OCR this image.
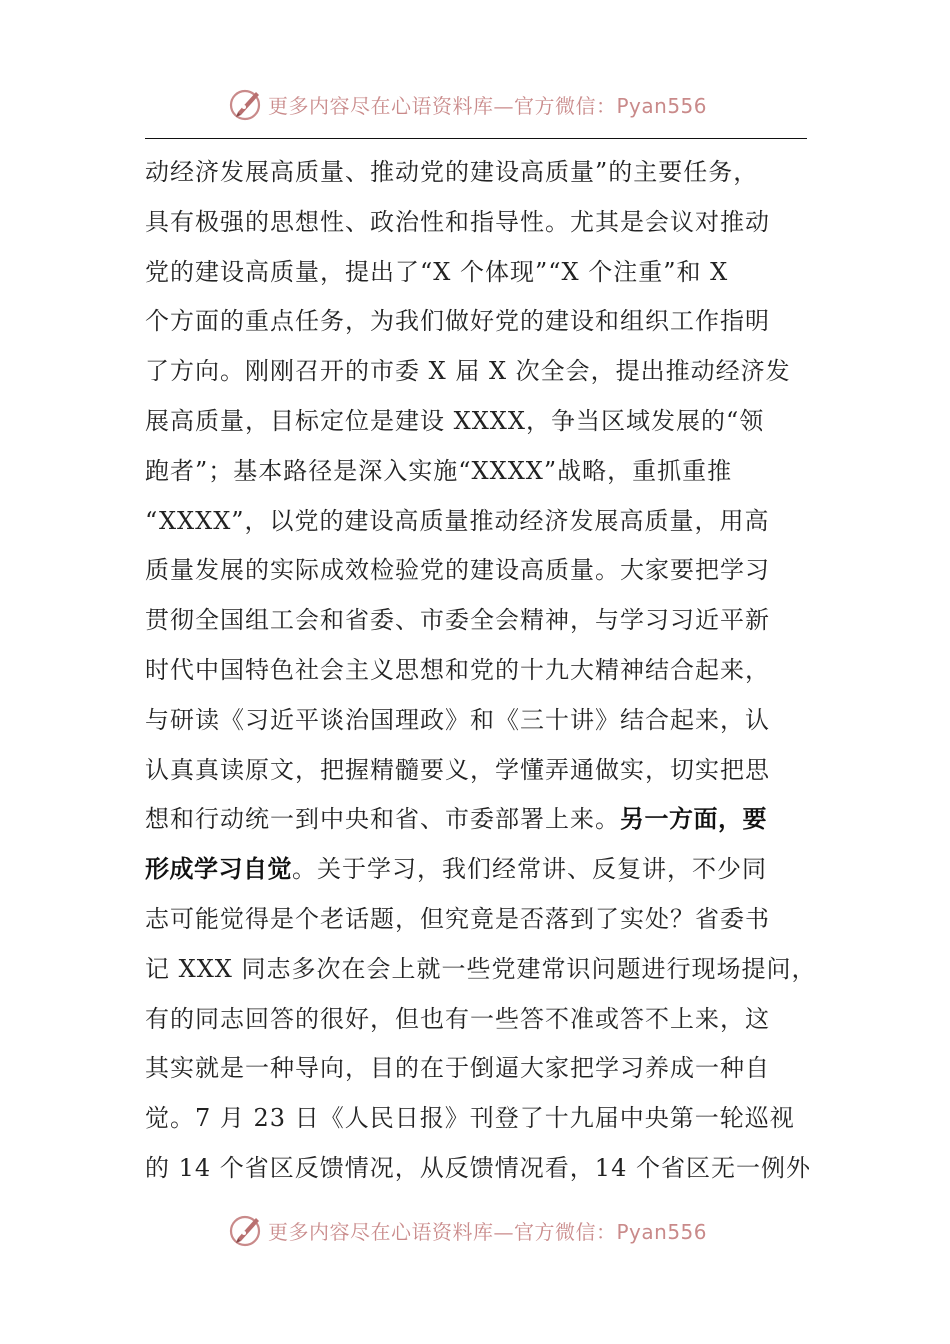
更多内容尽在心语资料库—官方微信：Pyan556
动经济发展高质量、推动党的建设高质量”的主要任务，
具有极强的思想性、政治性和指导性。尤其是会议对推动
党的建设高质量，提出了“X 个体现”“X 个注重”和 X
个方面的重点任务，为我们做好党的建设和组织工作指明
了方向。刚刚召开的市委 X 届 X 次全会，提出推动经济发
展高质量，目标定位是建设 XXXX，争当区域发展的“领
跑者”；基本路径是深入实施“XXXX”战略，重抓重推
“XXXX”，以党的建设高质量推动经济发展高质量，用高
质量发展的实际成效检验党的建设高质量。大家要把学习
贯彻全国组工会和省委、市委全会精神，与学习习近平新
时代中国特色社会主义思想和党的十九大精神结合起来，
与研读《习近平谈治国理政》和《三十讲》结合起来，认
认真真读原文，把握精髓要义，学懂弄通做实，切实把思
想和行动统一到中央和省、市委部署上来。另一方面，要
形成学习自觉。关于学习，我们经常讲、反复讲，不少同
志可能觉得是个老话题，但究竟是否落到了实处？省委书
记 XXX 同志多次在会上就一些党建常识问题进行现场提问，
有的同志回答的很好，但也有一些答不准或答不上来，这
其实就是一种导向，目的在于倒逼大家把学习养成一种自
觉。7 月 23 日《人民日报》刊登了十九届中央第一轮巡视
的 14 个省区反馈情况，从反馈情况看，14 个省区无一例外
更多内容尽在心语资料库—官方微信：Pyan556
